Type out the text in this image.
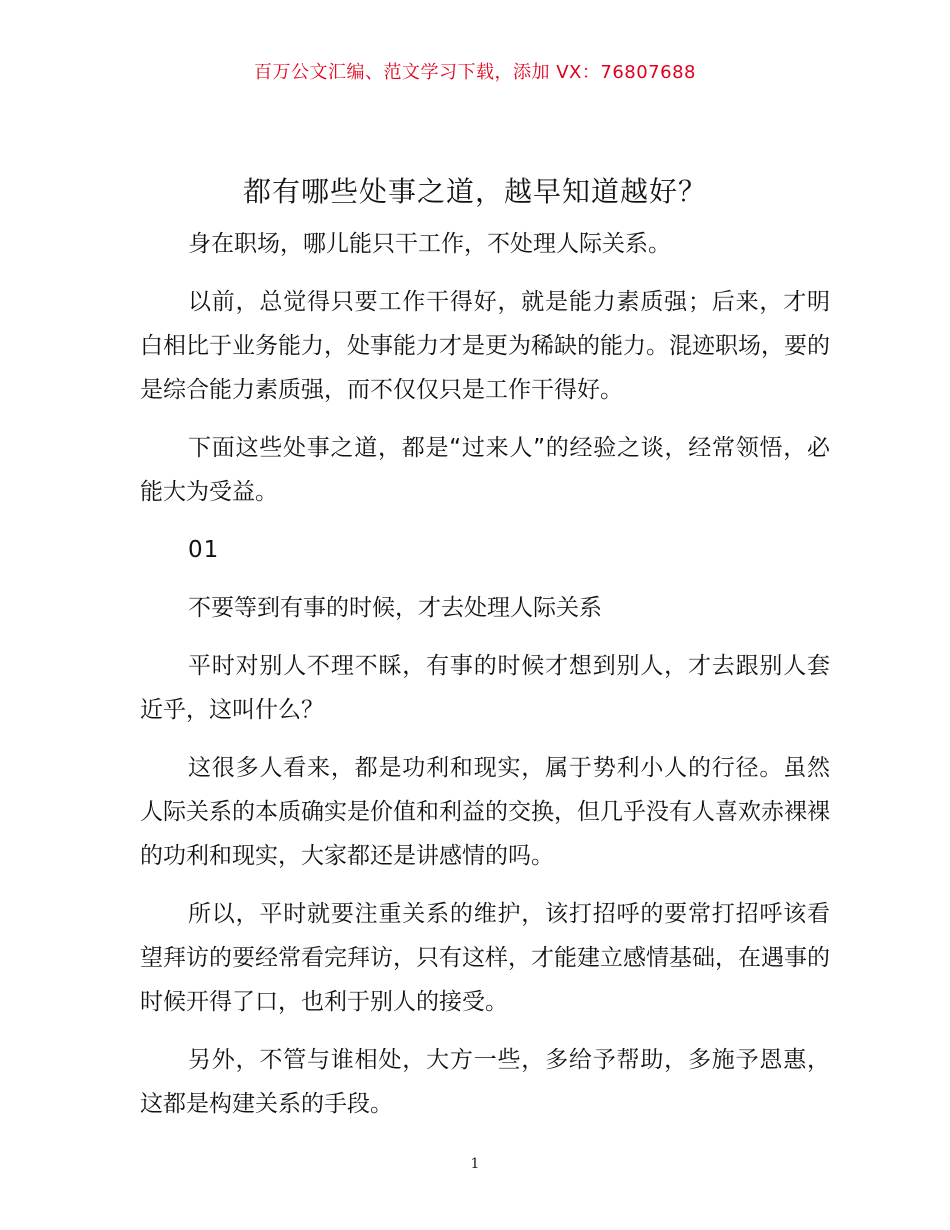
百万公文汇编、范文学习下载，添加 VX：76807688
都有哪些处事之道，越早知道越好？

身在职场，哪儿能只干工作，不处理人际关系。

以前，总觉得只要工作干得好，就是能力素质强；后来，才明白相比于业务能力，处事能力才是更为稀缺的能力。混迹职场，要的是综合能力素质强，而不仅仅只是工作干得好。

下面这些处事之道，都是“过来人”的经验之谈，经常领悟，必能大为受益。

01

不要等到有事的时候，才去处理人际关系

平时对别人不理不睬，有事的时候才想到别人，才去跟别人套近乎，这叫什么？

这很多人看来，都是功利和现实，属于势利小人的行径。虽然人际关系的本质确实是价值和利益的交换，但几乎没有人喜欢赤裸裸的功利和现实，大家都还是讲感情的吗。

所以，平时就要注重关系的维护，该打招呼的要常打招呼该看望拜访的要经常看完拜访，只有这样，才能建立感情基础，在遇事的时候开得了口，也利于别人的接受。

另外，不管与谁相处，大方一些，多给予帮助，多施予恩惠，这都是构建关系的手段。

1
